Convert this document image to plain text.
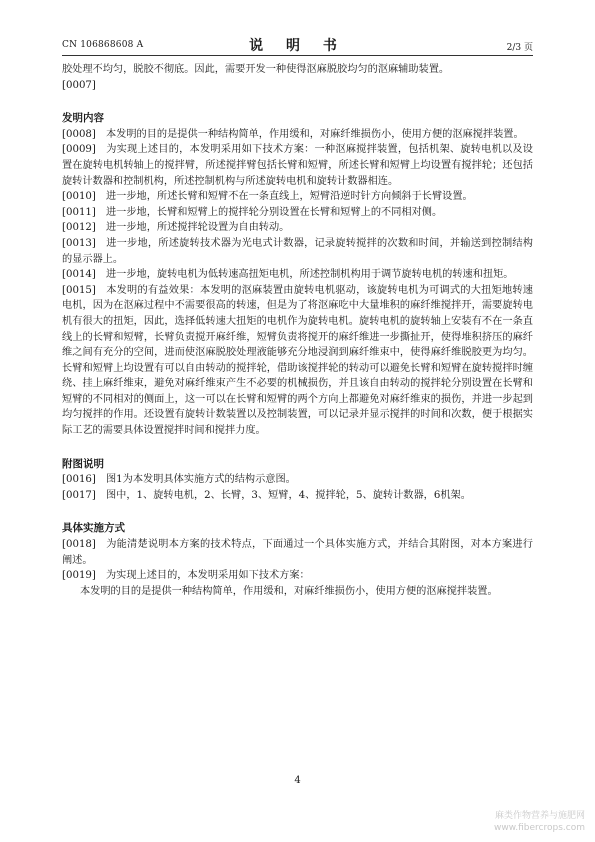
CN 106868608 A	说 明 书	2/3 页

胶处理不均匀，脱胶不彻底。因此，需要开发一种使得沤麻脱胶均匀的沤麻辅助装置。

[0007]

发明内容

[0008] 本发明的目的是提供一种结构简单，作用缓和，对麻纤维损伤小，使用方便的沤麻搅拌装置。

[0009] 为实现上述目的，本发明采用如下技术方案：一种沤麻搅拌装置，包括机架、旋转电机以及设置在旋转电机转轴上的搅拌臂，所述搅拌臂包括长臂和短臂，所述长臂和短臂上均设置有搅拌轮；还包括旋转计数器和控制机构，所述控制机构与所述旋转电机和旋转计数器相连。

[0010] 进一步地，所述长臂和短臂不在一条直线上，短臂沿逆时针方向倾斜于长臂设置。

[0011] 进一步地，长臂和短臂上的搅拌轮分别设置在长臂和短臂上的不同相对侧。

[0012] 进一步地，所述搅拌轮设置为自由转动。

[0013] 进一步地，所述旋转技术器为光电式计数器，记录旋转搅拌的次数和时间，并输送到控制结构的显示器上。

[0014] 进一步地，旋转电机为低转速高扭矩电机，所述控制机构用于调节旋转电机的转速和扭矩。

[0015] 本发明的有益效果：本发明的沤麻装置由旋转电机驱动，该旋转电机为可调式的大扭矩地转速电机，因为在沤麻过程中不需要很高的转速，但是为了将沤麻吃中大量堆积的麻纤维搅拌开，需要旋转电机有很大的扭矩，因此，选择低转速大扭矩的电机作为旋转电机。旋转电机的旋转轴上安装有不在一条直线上的长臂和短臂，长臂负责搅开麻纤维，短臂负责将搅开的麻纤维进一步撕扯开，使得堆积挤压的麻纤维之间有充分的空间，进而使沤麻脱胶处理液能够充分地浸润到麻纤维束中，使得麻纤维脱胶更为均匀。长臂和短臂上均设置有可以自由转动的搅拌轮，借助该搅拌轮的转动可以避免长臂和短臂在旋转搅拌时缠绕、挂上麻纤维束，避免对麻纤维束产生不必要的机械损伤，并且该自由转动的搅拌轮分别设置在长臂和短臂的不同相对的侧面上，这一可以在长臂和短臂的两个方向上都避免对麻纤维束的损伤，并进一步起到均匀搅拌的作用。还设置有旋转计数装置以及控制装置，可以记录并显示搅拌的时间和次数，便于根据实际工艺的需要具体设置搅拌时间和搅拌力度。

附图说明

[0016] 图1为本发明具体实施方式的结构示意图。

[0017] 图中，1、旋转电机，2、长臂，3、短臂，4、搅拌轮，5、旋转计数器，6机架。

具体实施方式

[0018] 为能清楚说明本方案的技术特点，下面通过一个具体实施方式，并结合其附图，对本方案进行阐述。

[0019] 为实现上述目的，本发明采用如下技术方案：

本发明的目的是提供一种结构简单，作用缓和，对麻纤维损伤小，使用方便的沤麻搅拌装置。

4
麻类作物营养与施肥网
www.fibercrops.com
